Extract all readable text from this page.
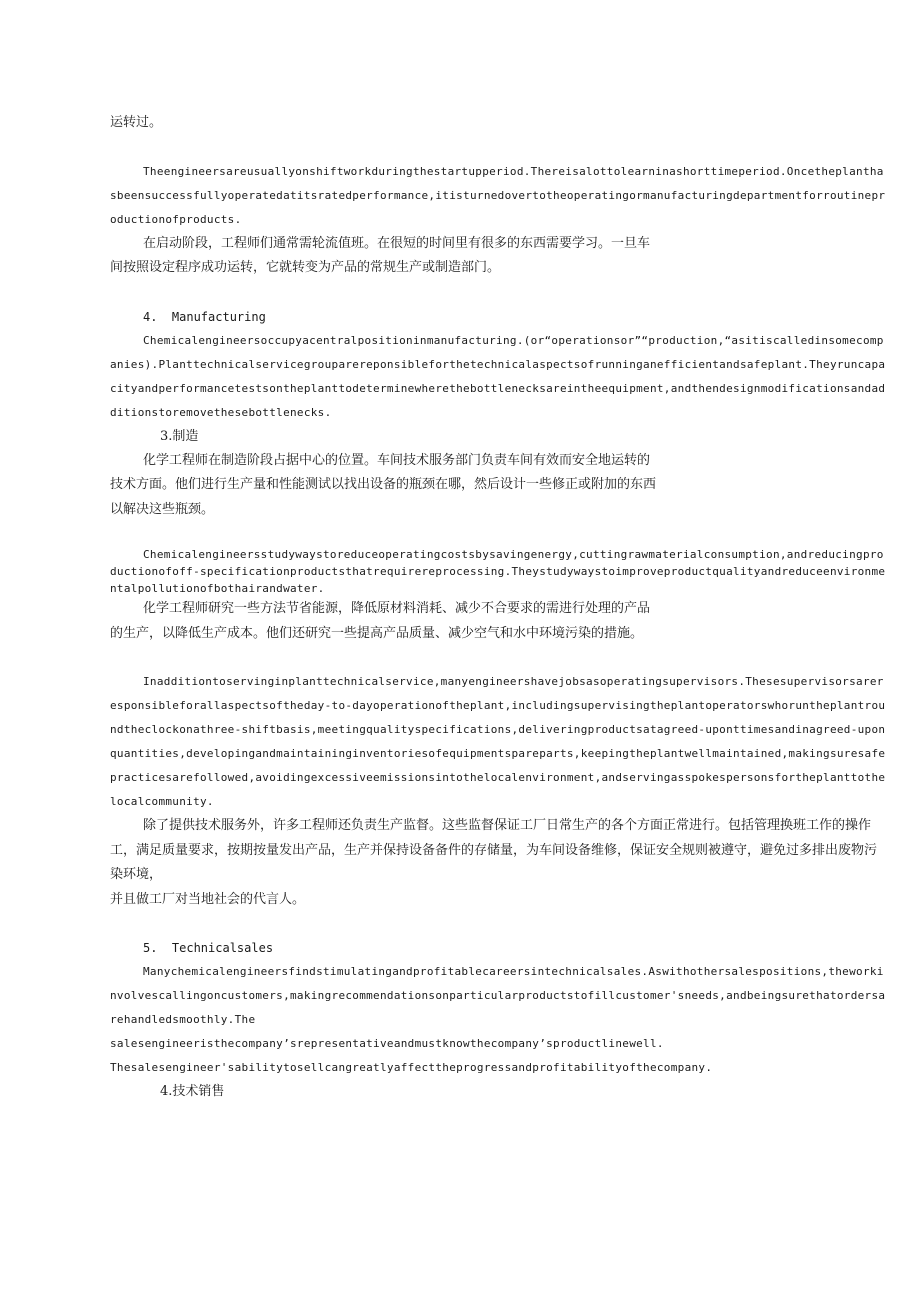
运转过。

Theengineersareusuallyonshiftworkduringthestartupperiod.Thereisalottolearninashorttimeperiod.Oncetheplanthasbeensuccessfullyoperatedatitsratedperformance,itisturnedovertotheoperatingormanufacturingdepartmentforroutineproductionofproducts.

在启动阶段，工程师们通常需轮流值班。在很短的时间里有很多的东西需要学习。一旦车间按照设定程序成功运转，它就转变为产品的常规生产或制造部门。

4.  Manufacturing

Chemicalengineersoccupyacentralpositioninmanufacturing.(or“operationsor”“production,“asitiscalledinsomecompanies).Planttechnicalservicegrouparereponsibleforthetechnicalaspectsofrunninganefficientandsafeplant.Theyruncapacityandperformancetestsontheplanttodeterminewherethebottlenecksareintheequipment,andthendesignmodificationsandadditionstoremovethesebottlenecks.

3.制造

化学工程师在制造阶段占据中心的位置。车间技术服务部门负责车间有效而安全地运转的技术方面。他们进行生产量和性能测试以找出设备的瓶颈在哪，然后设计一些修正或附加的东西以解决这些瓶颈。

Chemicalengineersstudywaystoreduceoperatingcostsbysavingenergy,cuttingrawmaterialconsumption,andreducingproductionofoff-specificationproductsthatrequirereprocessing.Theystudywaystoimproveproductqualityandreduceenvironmentalpollutionofbothairandwater.

化学工程师研究一些方法节省能源，降低原材料消耗、减少不合要求的需进行处理的产品的生产，以降低生产成本。他们还研究一些提高产品质量、减少空气和水中环境污染的措施。

Inadditiontoservinginplanttechnicalservice,manyengineershavejobsasoperatingsupervisors.Thesesupervisorsareresponsibleforallaspectsoftheday-to-dayoperationoftheplant,includingsupervisingtheplantoperatorswhoruntheplantroundtheclockonathree-shiftbasis,meetingqualityspecifications,deliveringproductsatagreed-uponttimesandinagreed-uponquantities,developingandmaintaininginventoriesofequipmentspareparts,keepingtheplantwellmaintained,makingsuresafepracticesarefollowed,avoidingexcessiveemissionsintothelocalenvironment,andservingasspokespersonsfortheplanttothelocalcommunity.

除了提供技术服务外，许多工程师还负责生产监督。这些监督保证工厂日常生产的各个方面正常进行。包括管理换班工作的操作工，满足质量要求，按期按量发出产品，生产并保持设备备件的存储量，为车间设备维修，保证安全规则被遵守，避免过多排出废物污染环境，

并且做工厂对当地社会的代言人。

5.  Technicalsales

Manychemicalengineersfindstimulatingandprofitablecareersintechnicalsales.Aswithothersalespositions,theworkinvolvescallingoncustomers,makingrecommendationsonparticularproductstofillcustomer'sneeds,andbeingsurethatordersarehandledsmoothly.The

salesengineeristhecompany’srepresentativeandmustknowthecompany’sproductlinewell.

Thesalesengineer'sabilitytosellcangreatlyaffecttheprogressandprofitabilityofthecompany.

4.技术销售
